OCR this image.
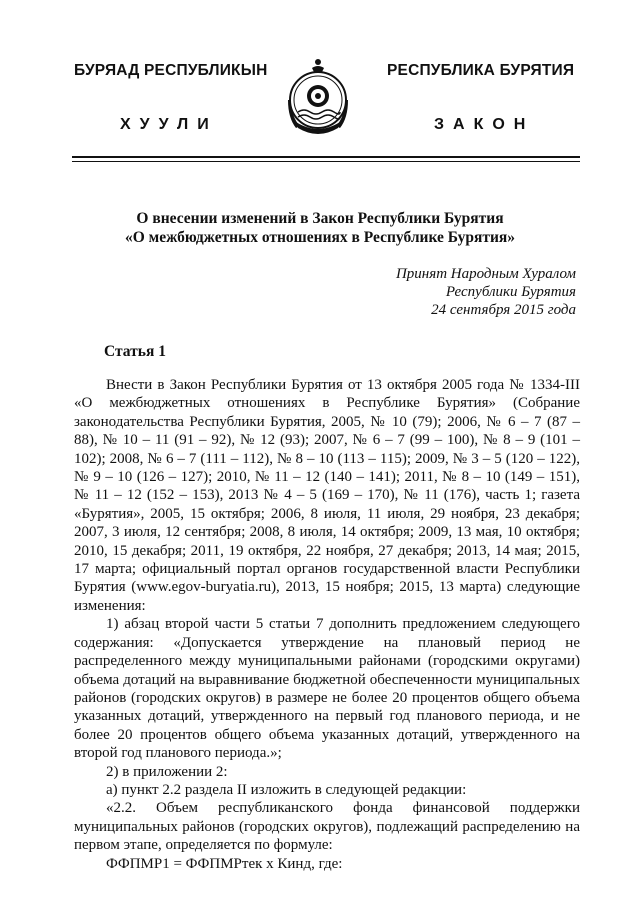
БУРЯАД РЕСПУБЛИКЫН	РЕСПУБЛИКА БУРЯТИЯ
ХУУЛИ	ЗАКОН
О внесении изменений в Закон Республики Бурятия
«О межбюджетных отношениях в Республике Бурятия»
Принят Народным Хуралом
Республики Бурятия
24 сентября 2015 года
Статья 1

Внести в Закон Республики Бурятия от 13 октября 2005 года № 1334-III «О межбюджетных отношениях в Республике Бурятия» (Собрание законодательства Республики Бурятия, 2005, № 10 (79); 2006, № 6 – 7 (87 – 88), № 10 – 11 (91 – 92), № 12 (93); 2007, № 6 – 7 (99 – 100), № 8 – 9 (101 – 102); 2008, № 6 – 7 (111 – 112), № 8 – 10 (113 – 115); 2009, № 3 – 5 (120 – 122), № 9 – 10 (126 – 127); 2010, № 11 – 12 (140 – 141); 2011, № 8 – 10 (149 – 151), № 11 – 12 (152 – 153), 2013 № 4 – 5 (169 – 170), № 11 (176), часть 1; газета «Бурятия», 2005, 15 октября; 2006, 8 июля, 11 июля, 29 ноября, 23 декабря; 2007, 3 июля, 12 сентября; 2008, 8 июля, 14 октября; 2009, 13 мая, 10 октября; 2010, 15 декабря; 2011, 19 октября, 22 ноября, 27 декабря; 2013, 14 мая; 2015, 17 марта; официальный портал органов государственной власти Республики Бурятия (www.egov-buryatia.ru), 2013, 15 ноября; 2015, 13 марта) следующие изменения:

1) абзац второй части 5 статьи 7 дополнить предложением следующего содержания: «Допускается утверждение на плановый период не распределенного между муниципальными районами (городскими округами) объема дотаций на выравнивание бюджетной обеспеченности муниципальных районов (городских округов) в размере не более 20 процентов общего объема указанных дотаций, утвержденного на первый год планового периода, и не более 20 процентов общего объема указанных дотаций, утвержденного на второй год планового периода.»;

2) в приложении 2:

а) пункт 2.2 раздела II изложить в следующей редакции:

«2.2. Объем республиканского фонда финансовой поддержки муниципальных районов (городских округов), подлежащий распределению на первом этапе, определяется по формуле:

ФФПМР1 = ФФПМРтек х Кинд, где:
